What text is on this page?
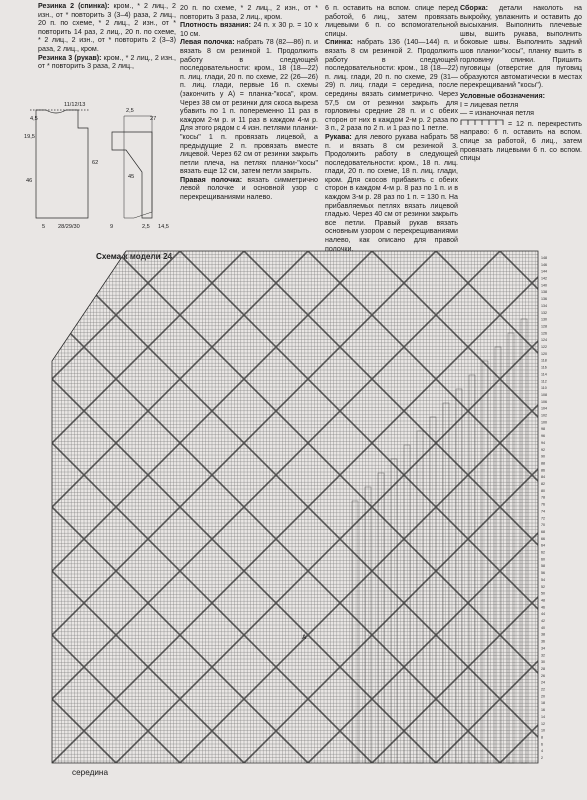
Резинка 2 (спинка): кром., * 2 лиц., 2 изн., от * повторить 3 (3–4) раза, 2 лиц., 20 п. по схеме, * 2 лиц., 2 изн., от * повторить 14 раз, 2 лиц., 20 п. по схеме, * 2 лиц., 2 изн., от * повторить 2 (3–3) раза, 2 лиц., кром.

Резинка 3 (рукав): кром., * 2 лиц., 2 изн., от * повторить 3 раза, 2 лиц.,

11/12/13
4,5
19,5
46
28/29/30
5
62
27
9
2,5
45
2,5 14,5

20 п. по схеме, * 2 лиц., 2 изн., от * повторить 3 раза, 2 лиц., кром.

Плотность вязания: 24 п. х 30 р. = 10 х 10 см.

Левая полочка: набрать 78 (82—86) п. и вязать 8 см резинкой 1. Продолжить работу в следующей последовательности: кром., 18 (18—22) п. лиц. глади, 20 п. по схеме, 22 (26—26) п. лиц. глади, первые 16 п. схемы (закончить у А) = планка-"коса", кром. Через 38 см от резинки для скоса выреза убавить по 1 п. попеременно 11 раз в каждом 2-м р. и 11 раз в каждом 4-м р. Для этого рядом с 4 изн. петлями планки-"косы" 1 п. провязать лицевой, а предыдущие 2 п. провязать вместе лицевой. Через 62 см от резинки закрыть петли плеча, на петлях планки-"косы" вязать еще 12 см, затем петли закрыть.

Правая полочка: вязать симметрично левой полочке и основной узор с перекрещиваниями налево.

6 п. оставить на вспом. спице перед работой, 6 лиц., затем провязать лицевыми 6 п. со вспомогательной спицы.

Спинка: набрать 136 (140—144) п. и вязать 8 см резинкой 2. Продолжить работу в следующей последовательности: кром., 18 (18—22) п. лиц. глади, 20 п. по схеме, 29 (31—29) п. лиц. глади = середина, после середины вязать симметрично. Через 57,5 см от резинки закрыть для горловины средние 28 п. и с обеих сторон от них в каждом 2-м р. 2 раза по 3 п., 2 раза по 2 п. и 1 раз по 1 петле.

Рукава: для левого рукава набрать 58 п. и вязать 8 см резинкой 3. Продолжить работу в следующей последовательности: кром., 18 п. лиц. глади, 20 п. по схеме, 18 п. лиц. глади, кром. Для скосов прибавить с обеих сторон в каждом 4-м р. 8 раз по 1 п. и в каждом 3-м р. 28 раз по 1 п. = 130 п. На прибавляемых петлях вязать лицевой гладью. Через 40 см от резинки закрыть все петли. Правый рукав вязать основным узором с перекрещиваниями налево, как описано для правой полочки.

Сборка: детали наколоть на выкройку, увлажнить и оставить до высыхания. Выполнить плечевые швы, вшить рукава, выполнить боковые швы. Выполнить задний шов планки-"косы", планку вшить в горловину спинки. Пришить пуговицы (отверстие для пуговиц образуются автоматически в местах перекрещиваний "косы").

Условные обозначения:
I = лицевая петля
— = изнаночная петля
= 12 п. перекрестить направо: 6 п. оставить на вспом. спице за работой, 6 лиц., затем провязать лицевыми 6 п. со вспом. спицы

Схема к модели 24	148
146
144
142
140
138
136
134
132
130
128
126
124
122
120
118
116
114
112
110
108
106
104
102
100
98
96
94
92
90
88
86
84
82
80
78
76
74
72
70
68
66
64
62
60
58
56
54
52
50
48
46
44
42
40
38
36
34
32
30
28
26
24
22
20
18
16
14
12
10
8
6
4
2
A
середина
